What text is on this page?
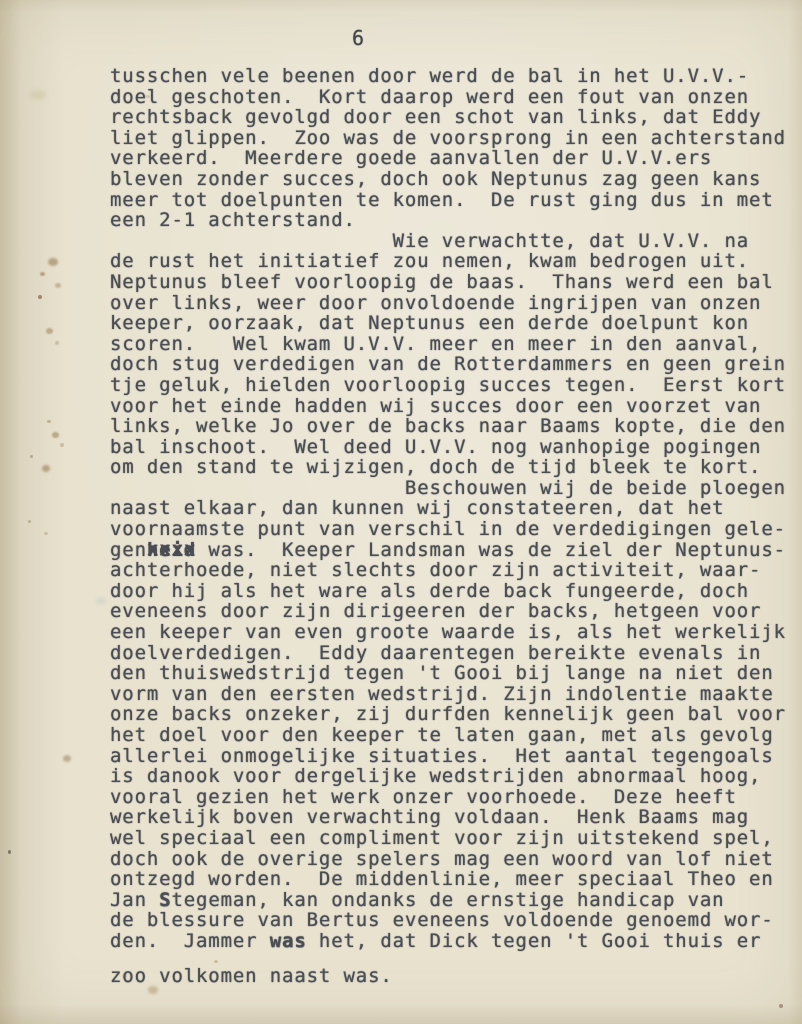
6
tusschen vele beenen door werd de bal in het U.V.V.-
doel geschoten.  Kort daarop werd een fout van onzen
rechtsback gevolgd door een schot van links, dat Eddy
liet glippen.  Zoo was de voorsprong in een achterstand
verkeerd.  Meerdere goede aanvallen der U.V.V.ers
bleven zonder succes, doch ook Neptunus zag geen kans
meer tot doelpunten te komen.  De rust ging dus in met
een 2-1 achterstand.
Wie verwachtte, dat U.V.V. na
de rust het initiatief zou nemen, kwam bedrogen uit.
Neptunus bleef voorloopig de baas.  Thans werd een bal
over links, weer door onvoldoende ingrijpen van onzen
keeper, oorzaak, dat Neptunus een derde doelpunt kon
scoren.   Wel kwam U.V.V. meer en meer in den aanval,
doch stug verdedigen van de Rotterdammers en geen grein
tje geluk, hielden voorloopig succes tegen.  Eerst kort
voor het einde hadden wij succes door een voorzet van
links, welke Jo over de backs naar Baams kopte, die den
bal inschoot.  Wel deed U.V.V. nog wanhopige pogingen
om den stand te wijzigen, doch de tijd bleek te kort.
Beschouwen wij de beide ploegen
naast elkaar, dan kunnen wij constateeren, dat het
voornaamste punt van verschil in de verdedigingen gele-
genheid xxxx was.  Keeper Landsman was de ziel der Neptunus-
achterhoede, niet slechts door zijn activiteit, waar-
door hij als het ware als derde back fungeerde, doch
eveneens door zijn dirigeeren der backs, hetgeen voor
een keeper van even groote waarde is, als het werkelijk
doelverdedigen.  Eddy daarentegen bereikte evenals in
den thuiswedstrijd tegen 't Gooi bij lange na niet den
vorm van den eersten wedstrijd. Zijn indolentie maakte
onze backs onzeker, zij durfden kennelijk geen bal voor
het doel voor den keeper te laten gaan, met als gevolg
allerlei onmogelijke situaties.  Het aantal tegengoals
is danook voor dergelijke wedstrijden abnormaal hoog,
vooral gezien het werk onzer voorhoede.  Deze heeft
werkelijk boven verwachting voldaan.  Henk Baams mag
wel speciaal een compliment voor zijn uitstekend spel,
doch ook de overige spelers mag een woord van lof niet
ontzegd worden.  De middenlinie, meer speciaal Theo en
Jan Stegeman, kan ondanks de ernstige handicap van
de blessure van Bertus eveneens voldoende genoemd wor-
den.  Jammer was het, dat Dick tegen 't Gooi thuis er
zoo volkomen naast was.
